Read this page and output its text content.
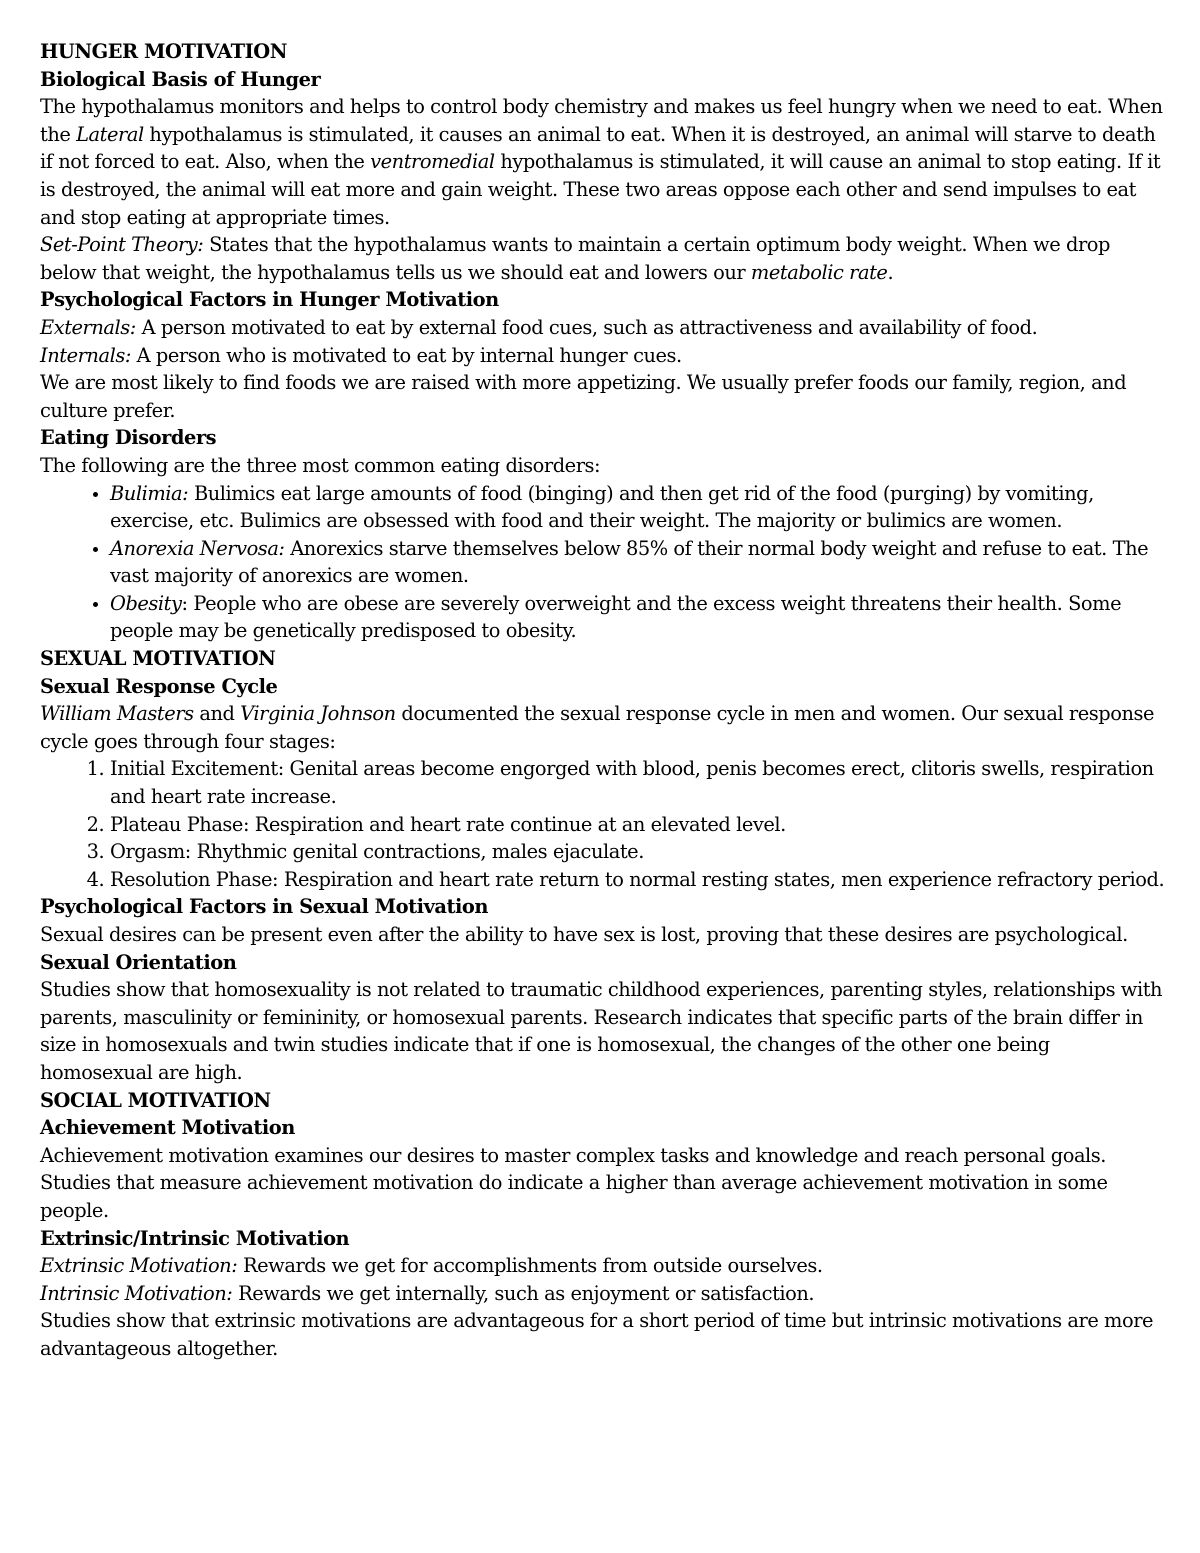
HUNGER MOTIVATION

Biological Basis of Hunger

The hypothalamus monitors and helps to control body chemistry and makes us feel hungry when we need to eat. When the Lateral hypothalamus is stimulated, it causes an animal to eat. When it is destroyed, an animal will starve to death if not forced to eat. Also, when the ventromedial hypothalamus is stimulated, it will cause an animal to stop eating. If it is destroyed, the animal will eat more and gain weight. These two areas oppose each other and send impulses to eat and stop eating at appropriate times.

Set-Point Theory: States that the hypothalamus wants to maintain a certain optimum body weight. When we drop below that weight, the hypothalamus tells us we should eat and lowers our metabolic rate.

Psychological Factors in Hunger Motivation

Externals: A person motivated to eat by external food cues, such as attractiveness and availability of food.

Internals: A person who is motivated to eat by internal hunger cues.

We are most likely to find foods we are raised with more appetizing. We usually prefer foods our family, region, and culture prefer.

Eating Disorders

The following are the three most common eating disorders:

• Bulimia: Bulimics eat large amounts of food (binging) and then get rid of the food (purging) by vomiting, exercise, etc. Bulimics are obsessed with food and their weight. The majority or bulimics are women.
• Anorexia Nervosa: Anorexics starve themselves below 85% of their normal body weight and refuse to eat. The vast majority of anorexics are women.
• Obesity: People who are obese are severely overweight and the excess weight threatens their health. Some people may be genetically predisposed to obesity.

SEXUAL MOTIVATION

Sexual Response Cycle

William Masters and Virginia Johnson documented the sexual response cycle in men and women. Our sexual response cycle goes through four stages:

1. Initial Excitement: Genital areas become engorged with blood, penis becomes erect, clitoris swells, respiration and heart rate increase.
2. Plateau Phase: Respiration and heart rate continue at an elevated level.
3. Orgasm: Rhythmic genital contractions, males ejaculate.
4. Resolution Phase: Respiration and heart rate return to normal resting states, men experience refractory period.

Psychological Factors in Sexual Motivation

Sexual desires can be present even after the ability to have sex is lost, proving that these desires are psychological.

Sexual Orientation

Studies show that homosexuality is not related to traumatic childhood experiences, parenting styles, relationships with parents, masculinity or femininity, or homosexual parents. Research indicates that specific parts of the brain differ in size in homosexuals and twin studies indicate that if one is homosexual, the changes of the other one being homosexual are high.

SOCIAL MOTIVATION

Achievement Motivation

Achievement motivation examines our desires to master complex tasks and knowledge and reach personal goals. Studies that measure achievement motivation do indicate a higher than average achievement motivation in some people.

Extrinsic/Intrinsic Motivation

Extrinsic Motivation: Rewards we get for accomplishments from outside ourselves.

Intrinsic Motivation: Rewards we get internally, such as enjoyment or satisfaction.

Studies show that extrinsic motivations are advantageous for a short period of time but intrinsic motivations are more advantageous altogether.
